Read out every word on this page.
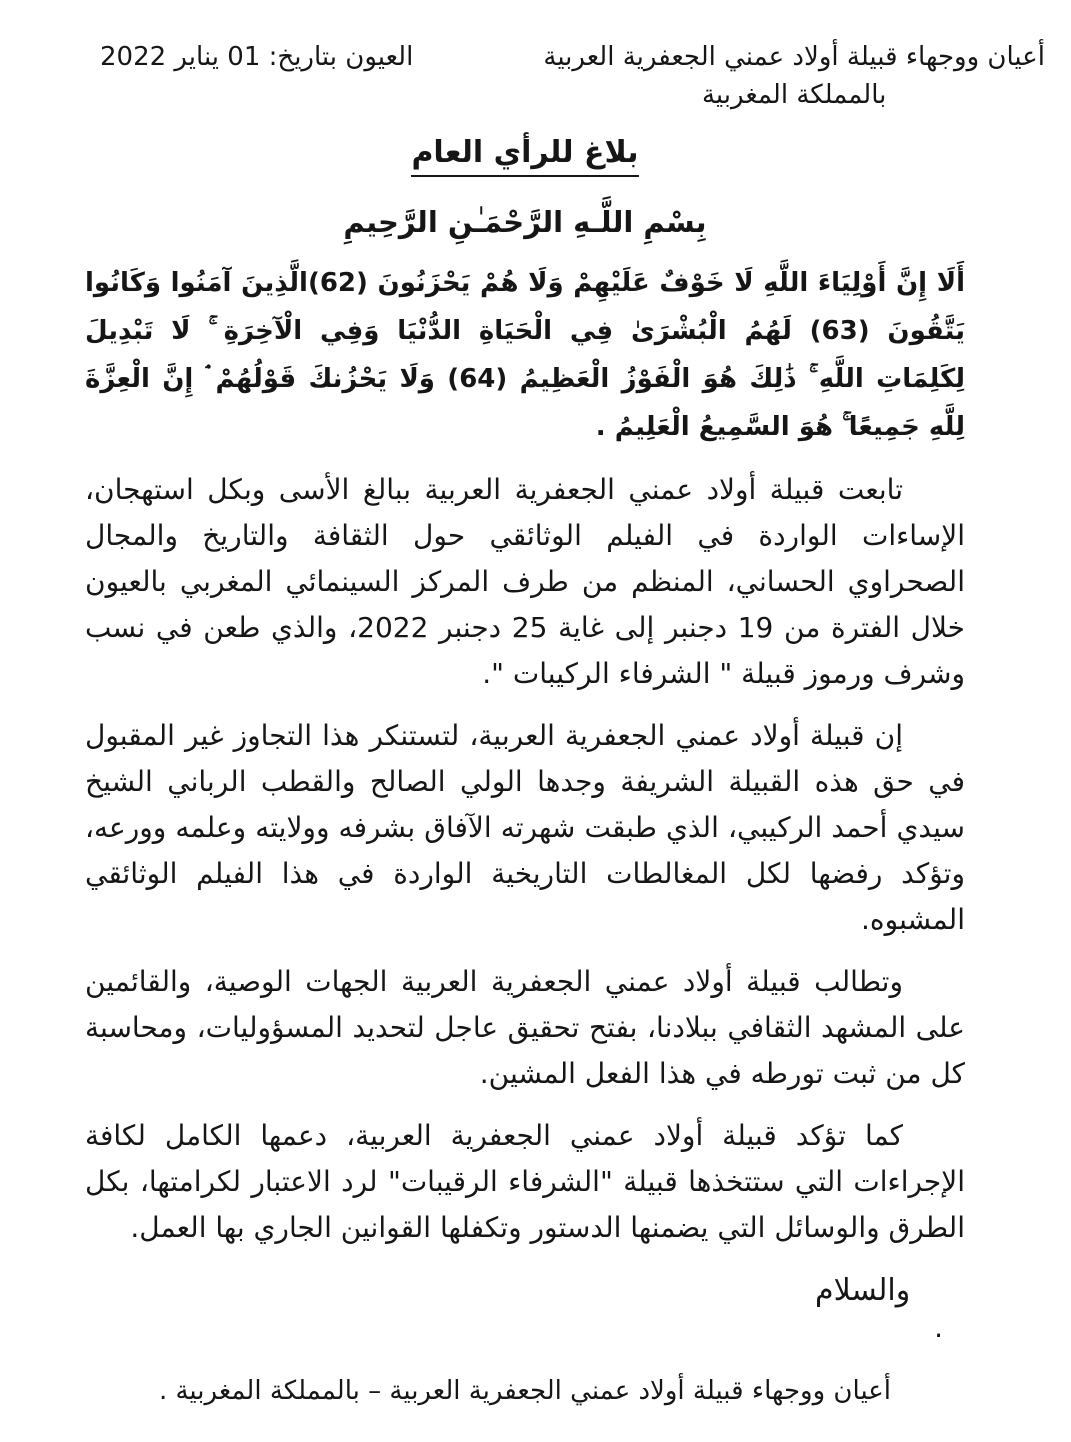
أعيان ووجهاء قبيلة أولاد عمني الجعفرية العربية
بالمملكة المغربية
العيون بتاريخ: 01 يناير 2022
بلاغ للرأي العام
بِسْمِ اللَّـهِ الرَّحْمَـٰنِ الرَّحِيمِ

أَلَا إِنَّ أَوْلِيَاءَ اللَّهِ لَا خَوْفٌ عَلَيْهِمْ وَلَا هُمْ يَحْزَنُونَ (62)الَّذِينَ آمَنُوا وَكَانُوا يَتَّقُونَ (63) لَهُمُ الْبُشْرَىٰ فِي الْحَيَاةِ الدُّنْيَا وَفِي الْآخِرَةِ ۚ لَا تَبْدِيلَ لِكَلِمَاتِ اللَّهِ ۚ ذَٰلِكَ هُوَ الْفَوْزُ الْعَظِيمُ (64) وَلَا يَحْزُنكَ قَوْلُهُمْ ۘ إِنَّ الْعِزَّةَ لِلَّهِ جَمِيعًا ۚ هُوَ السَّمِيعُ الْعَلِيمُ .

تابعت قبيلة أولاد عمني الجعفرية العربية ببالغ الأسى وبكل استهجان، الإساءات الواردة في الفيلم الوثائقي حول الثقافة والتاريخ والمجال الصحراوي الحساني، المنظم من طرف المركز السينمائي المغربي بالعيون خلال الفترة من 19 دجنبر إلى غاية 25 دجنبر 2022، والذي طعن في نسب وشرف ورموز قبيلة " الشرفاء الركيبات ".

إن قبيلة أولاد عمني الجعفرية العربية، لتستنكر هذا التجاوز غير المقبول في حق هذه القبيلة الشريفة وجدها الولي الصالح والقطب الرباني الشيخ سيدي أحمد الركيبي، الذي طبقت شهرته الآفاق بشرفه وولايته وعلمه وورعه، وتؤكد رفضها لكل المغالطات التاريخية الواردة في هذا الفيلم الوثائقي المشبوه.

وتطالب قبيلة أولاد عمني الجعفرية العربية الجهات الوصية، والقائمين على المشهد الثقافي ببلادنا، بفتح تحقيق عاجل لتحديد المسؤوليات، ومحاسبة كل من ثبت تورطه في هذا الفعل المشين.

كما تؤكد قبيلة أولاد عمني الجعفرية العربية، دعمها الكامل لكافة الإجراءات التي ستتخذها قبيلة "الشرفاء الرقيبات" لرد الاعتبار لكرامتها، بكل الطرق والوسائل التي يضمنها الدستور وتكفلها القوانين الجاري بها العمل.

والسلام
.
أعيان ووجهاء قبيلة أولاد عمني الجعفرية العربية – بالمملكة المغربية .
